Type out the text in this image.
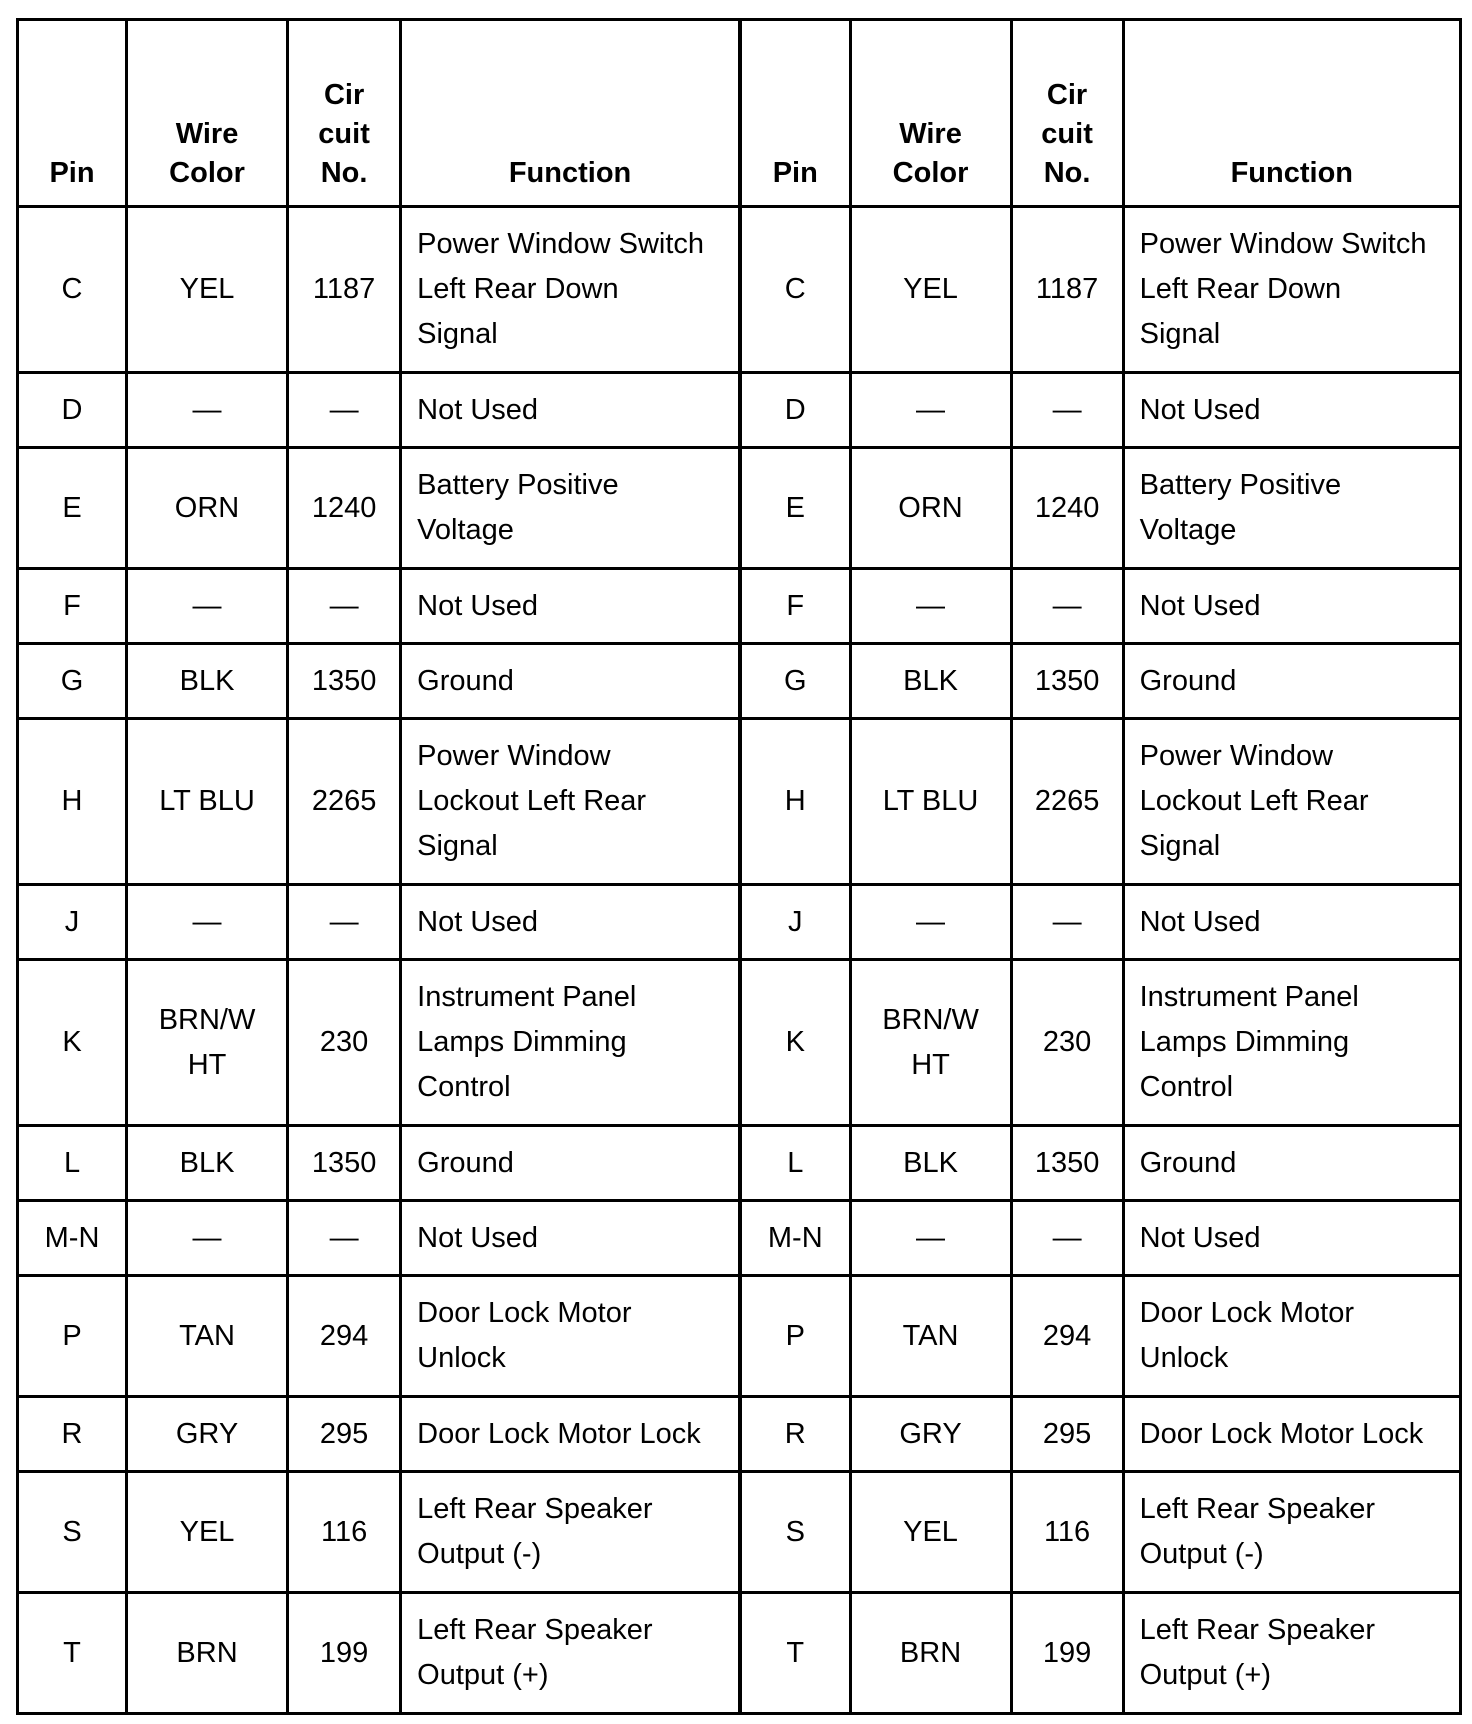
Pin	Wire
Color	Cir
cuit
No.	Function	Pin	Wire
Color	Cir
cuit
No.	Function
C	YEL	1187	Power Window Switch
Left Rear Down
Signal	C	YEL	1187	Power Window Switch
Left Rear Down
Signal

D	—	—	Not Used	D	—	—	Not Used

E	ORN	1240	Battery Positive
Voltage	E	ORN	1240	Battery Positive
Voltage

F	—	—	Not Used	F	—	—	Not Used

G	BLK	1350	Ground	G	BLK	1350	Ground

H	LT BLU	2265	Power Window
Lockout Left Rear
Signal	H	LT BLU	2265	Power Window
Lockout Left Rear
Signal

J	—	—	Not Used	J	—	—	Not Used

K	BRN/W
HT	230	Instrument Panel
Lamps Dimming
Control	K	BRN/W
HT	230	Instrument Panel
Lamps Dimming
Control

L	BLK	1350	Ground	L	BLK	1350	Ground

M-N	—	—	Not Used	M-N	—	—	Not Used

P	TAN	294	Door Lock Motor
Unlock	P	TAN	294	Door Lock Motor
Unlock

R	GRY	295	Door Lock Motor Lock	R	GRY	295	Door Lock Motor Lock

S	YEL	116	Left Rear Speaker
Output (-)	S	YEL	116	Left Rear Speaker
Output (-)

T	BRN	199	Left Rear Speaker
Output (+)	T	BRN	199	Left Rear Speaker
Output (+)
